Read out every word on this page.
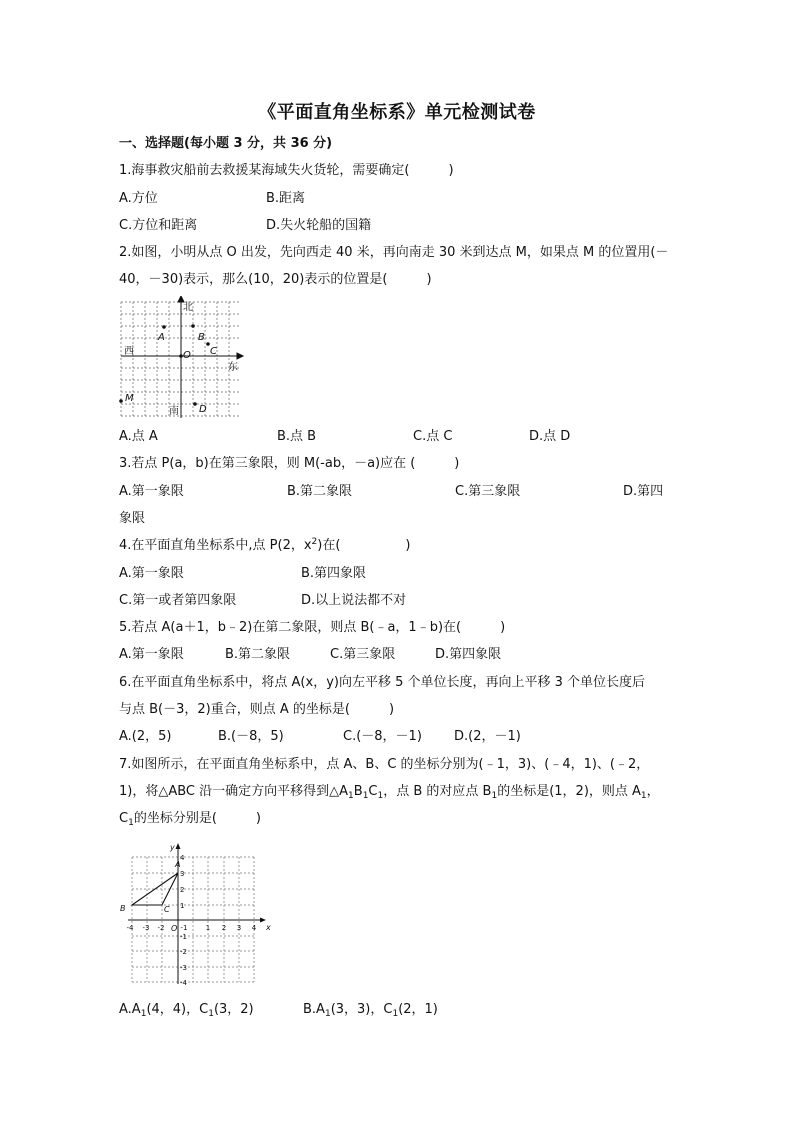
《平面直角坐标系》单元检测试卷
一、选择题(每小题 3 分，共 36 分)
1.海事救灾船前去救援某海域失火货轮，需要确定(　　　)
A.方位	B.距离
C.方位和距离	D.失火轮船的国籍
2.如图，小明从点 O 出发，先向西走 40 米，再向南走 30 米到达点 M，如果点 M 的位置用(－
40，－30)表示，那么(10，20)表示的位置是(　　　)
A	B
C
M
D
O
北
南
东
西
A.点 A	B.点 B	C.点 C	D.点 D
3.若点 P(a，b)在第三象限，则 M(-ab，－a)应在 (　　　)
A.第一象限	B.第二象限	C.第三象限	D.第四
象限
4.在平面直角坐标系中,点 P(2，$x^2$)在(　　　　　)
A.第一象限	B.第四象限
C.第一或者第四象限	D.以上说法都不对
5.若点 A(a＋1，b﹣2)在第二象限，则点 B(﹣a，1﹣b)在(　　　)
A.第一象限	B.第二象限	C.第三象限	D.第四象限
6.在平面直角坐标系中，将点 A(x，y)向左平移 5 个单位长度，再向上平移 3 个单位长度后
与点 B(－3，2)重合，则点 A 的坐标是(　　　)
A.(2，5)	B.(－8，5)	C.(－8，－1) D.(2，－1)
7.如图所示，在平面直角坐标系中，点 A、B、C 的坐标分别为(﹣1，3)、(﹣4，1)、(﹣2，
1)，将△ABC 沿一确定方向平移得到$\triangle A_1B_1C_1$，点 B 的对应点 $B_1$的坐标是(1，2)，则点 $A_1$，
$C_1$的坐标分别是(　　　)
B	C
A
O	x
y
-4 -3 -2 -1	1 2 3 4
4
3
2
1
-1
-2
-3
-4
$A.A_1(4$，4)，$C_1(3$，2)	$B.A_1(3$，3)，$C_1(2$，1)
